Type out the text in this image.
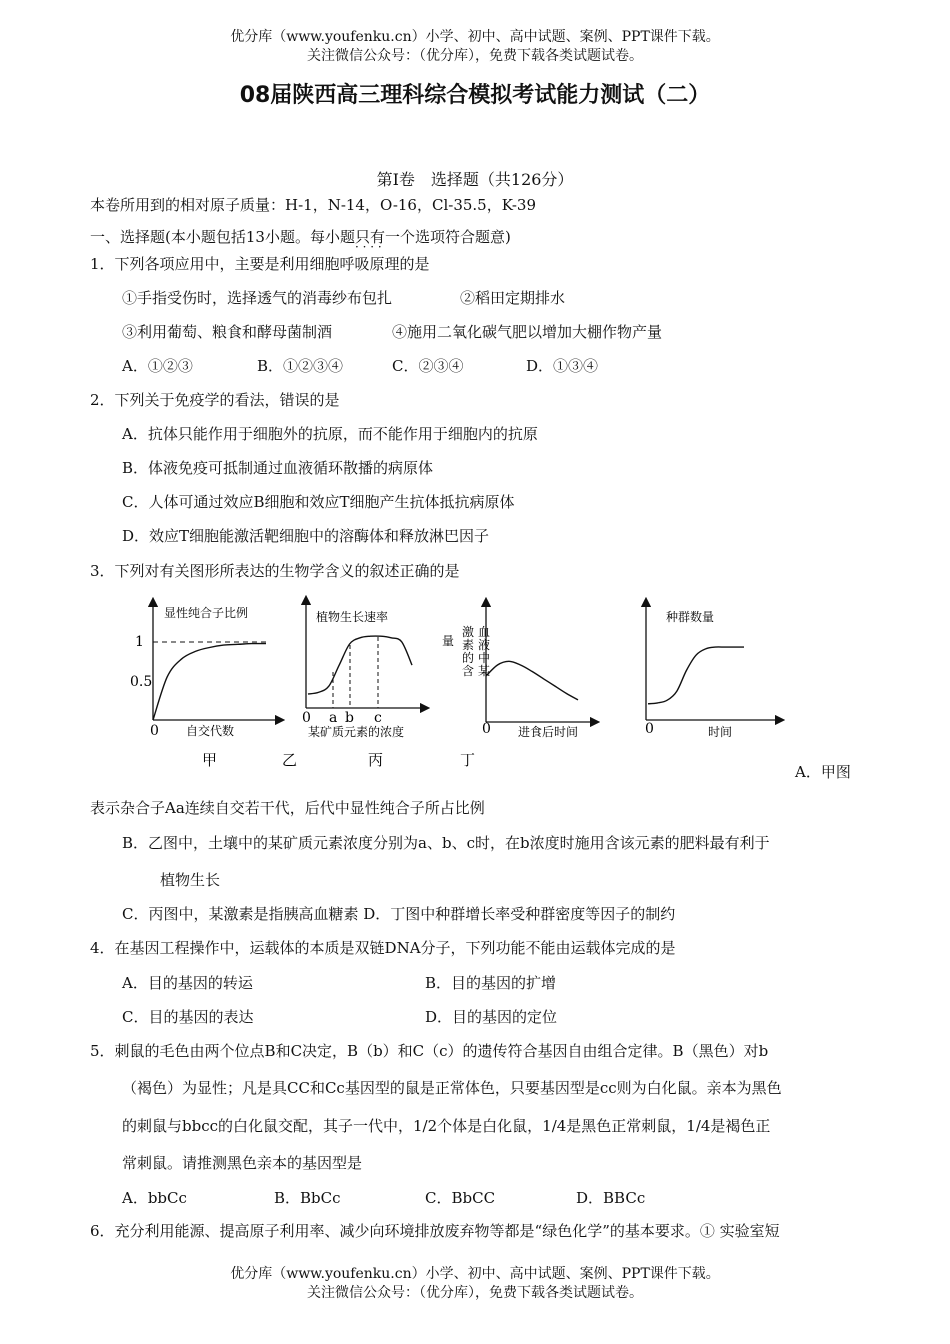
优分库（www.youfenku.cn）小学、初中、高中试题、案例、PPT课件下载。
关注微信公众号：（优分库），免费下载各类试题试卷。
08届陕西高三理科综合模拟考试能力测试（二）
第Ⅰ卷　选择题（共126分）
本卷所用到的相对原子质量：H-1，N-14，O-16，Cl-35.5，K-39
一、选择题(本小题包括13小题。每小题只有一个 · · · ·选项符合题意)
1．下列各项应用中，主要是利用细胞呼吸原理的是
①手指受伤时，选择透气的消毒纱布包扎	②稻田定期排水
③利用葡萄、粮食和酵母菌制酒	④施用二氧化碳气肥以增加大棚作物产量
A．①②③	B．①②③④	C．②③④	D．①③④
2．下列关于免疫学的看法，错误的是
A．抗体只能作用于细胞外的抗原，而不能作用于细胞内的抗原
B．体液免疫可抵制通过血液循环散播的病原体
C．人体可通过效应B细胞和效应T细胞产生抗体抵抗病原体
D．效应T细胞能激活靶细胞中的溶酶体和释放淋巴因子
3．下列对有关图形所表达的生物学含义的叙述正确的是
显性纯合子比例
1
0.5
0 自交代数
植物生长速率
0 a b c
某矿质元素的浓度
量
激素的含
血液中某
0 进食后时间
种群数量
0	时间
甲	乙	丙	丁
A．甲图
表示杂合子Aa连续自交若干代，后代中显性纯合子所占比例
B．乙图中，土壤中的某矿质元素浓度分别为a、b、c时，在b浓度时施用含该元素的肥料最有利于
植物生长
C．丙图中，某激素是指胰高血糖素 D．丁图中种群增长率受种群密度等因子的制约
4．在基因工程操作中，运载体的本质是双链DNA分子，下列功能不能由运载体完成的是
A．目的基因的转运	B．目的基因的扩增
C．目的基因的表达	D．目的基因的定位
5．刺鼠的毛色由两个位点B和C决定，B（b）和C（c）的遗传符合基因自由组合定律。B（黑色）对b
（褐色）为显性；凡是具CC和Cc基因型的鼠是正常体色，只要基因型是cc则为白化鼠。亲本为黑色
的刺鼠与bbcc的白化鼠交配，其子一代中，1/2个体是白化鼠，1/4是黑色正常刺鼠，1/4是褐色正
常刺鼠。请推测黑色亲本的基因型是
A．bbCc	B．BbCc	C．BbCC	D．BBCc
6．充分利用能源、提高原子利用率、减少向环境排放废弃物等都是“绿色化学”的基本要求。① 实验室短
优分库（www.youfenku.cn）小学、初中、高中试题、案例、PPT课件下载。
关注微信公众号：（优分库），免费下载各类试题试卷。
